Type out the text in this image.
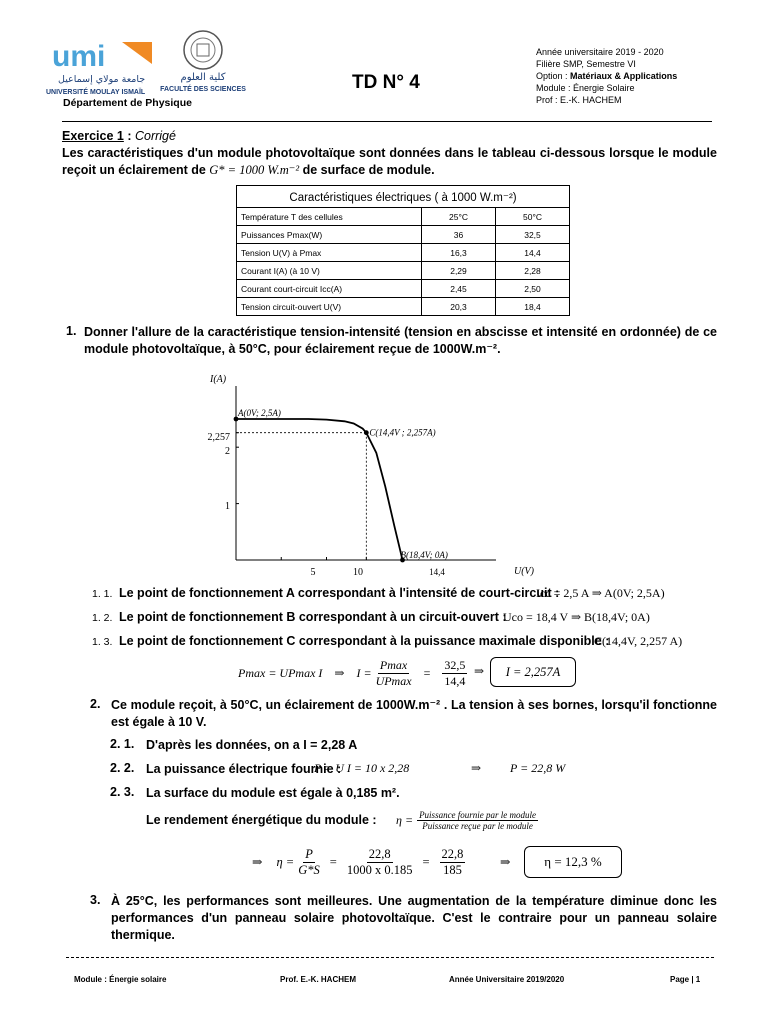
umi
جامعة مولاي إسماعيل
UNIVERSITÉ MOULAY ISMAÏL
كلية العلوم
FACULTÉ DES SCIENCES
Département de Physique
TD N° 4
Année universitaire 2019 - 2020
Filière SMP, Semestre VI
Option : Matériaux & Applications
Module : Énergie Solaire
Prof : E.-K. HACHEM
Exercice 1 : Corrigé
Les caractéristiques d'un module photovoltaïque sont données dans le tableau ci-dessous lorsque le module
reçoit un éclairement de G* = 1000 W.m⁻² de surface de module.
Caractéristiques électriques ( à 1000 W.m⁻²)		
Température T des cellules	25°C	50°C
Puissances Pmax(W)	36	32,5
Tension U(V) à Pmax	16,3	14,4
Courant I(A) (à 10 V)	2,29	2,28
Courant court-circuit Icc(A)	2,45	2,50
Tension circuit-ouvert U(V)	20,3	18,4
1. Donner l'allure de la caractéristique tension-intensité (tension en abscisse et intensité en ordonnée) de ce
module photovoltaïque, à 50°C, pour éclairement reçue de 1000W.m⁻².
I(A)
U(V)
2,257
2
1
5	10	14,4
A(0V; 2,5A)
C(14,4V ; 2,257A)
B(18,4V; 0A)
1. 1. Le point de fonctionnement A correspondant à l'intensité de court-circuit :
Icc = 2,5 A ⇒ A(0V; 2,5A)
1. 2. Le point de fonctionnement B correspondant à un circuit-ouvert :
Uco = 18,4 V ⇒ B(18,4V; 0A)
1. 3. Le point de fonctionnement C correspondant à la puissance maximale disponible :
C(14,4V, 2,257 A)
Pmax = UPmax I ⇒ $I = \frac{Pmax}{UPmax} = \frac{32,5}{14,4}$ ⇒	I = 2,257A
2. Ce module reçoit, à 50°C, un éclairement de 1000W.m⁻² . La tension à ses bornes, lorsqu'il fonctionne
est égale à 10 V.
2. 1. D'après les données, on a I = 2,28 A
2. 2. La puissance électrique fournie :
P = U I = 10 x 2,28	⇒ P = 22,8 W
2. 3. La surface du module est égale à 0,185 m².
Le rendement énergétique du module : $\eta = \frac{\text{Puissance fournie par le module}}{\text{Puissance reçue par le module}}$
⇒ $\eta = \frac{P}{G*S} = \frac{22,8}{1000 x 0.185} = \frac{22,8}{185}$	⇒	η = 12,3 %
3. À 25°C, les performances sont meilleures. Une augmentation de la température diminue donc les
performances d'un panneau solaire photovoltaïque. C'est le contraire pour un panneau solaire
thermique.
Module : Énergie solaire	Prof. E.-K. HACHEM	Année Universitaire 2019/2020	Page | 1
